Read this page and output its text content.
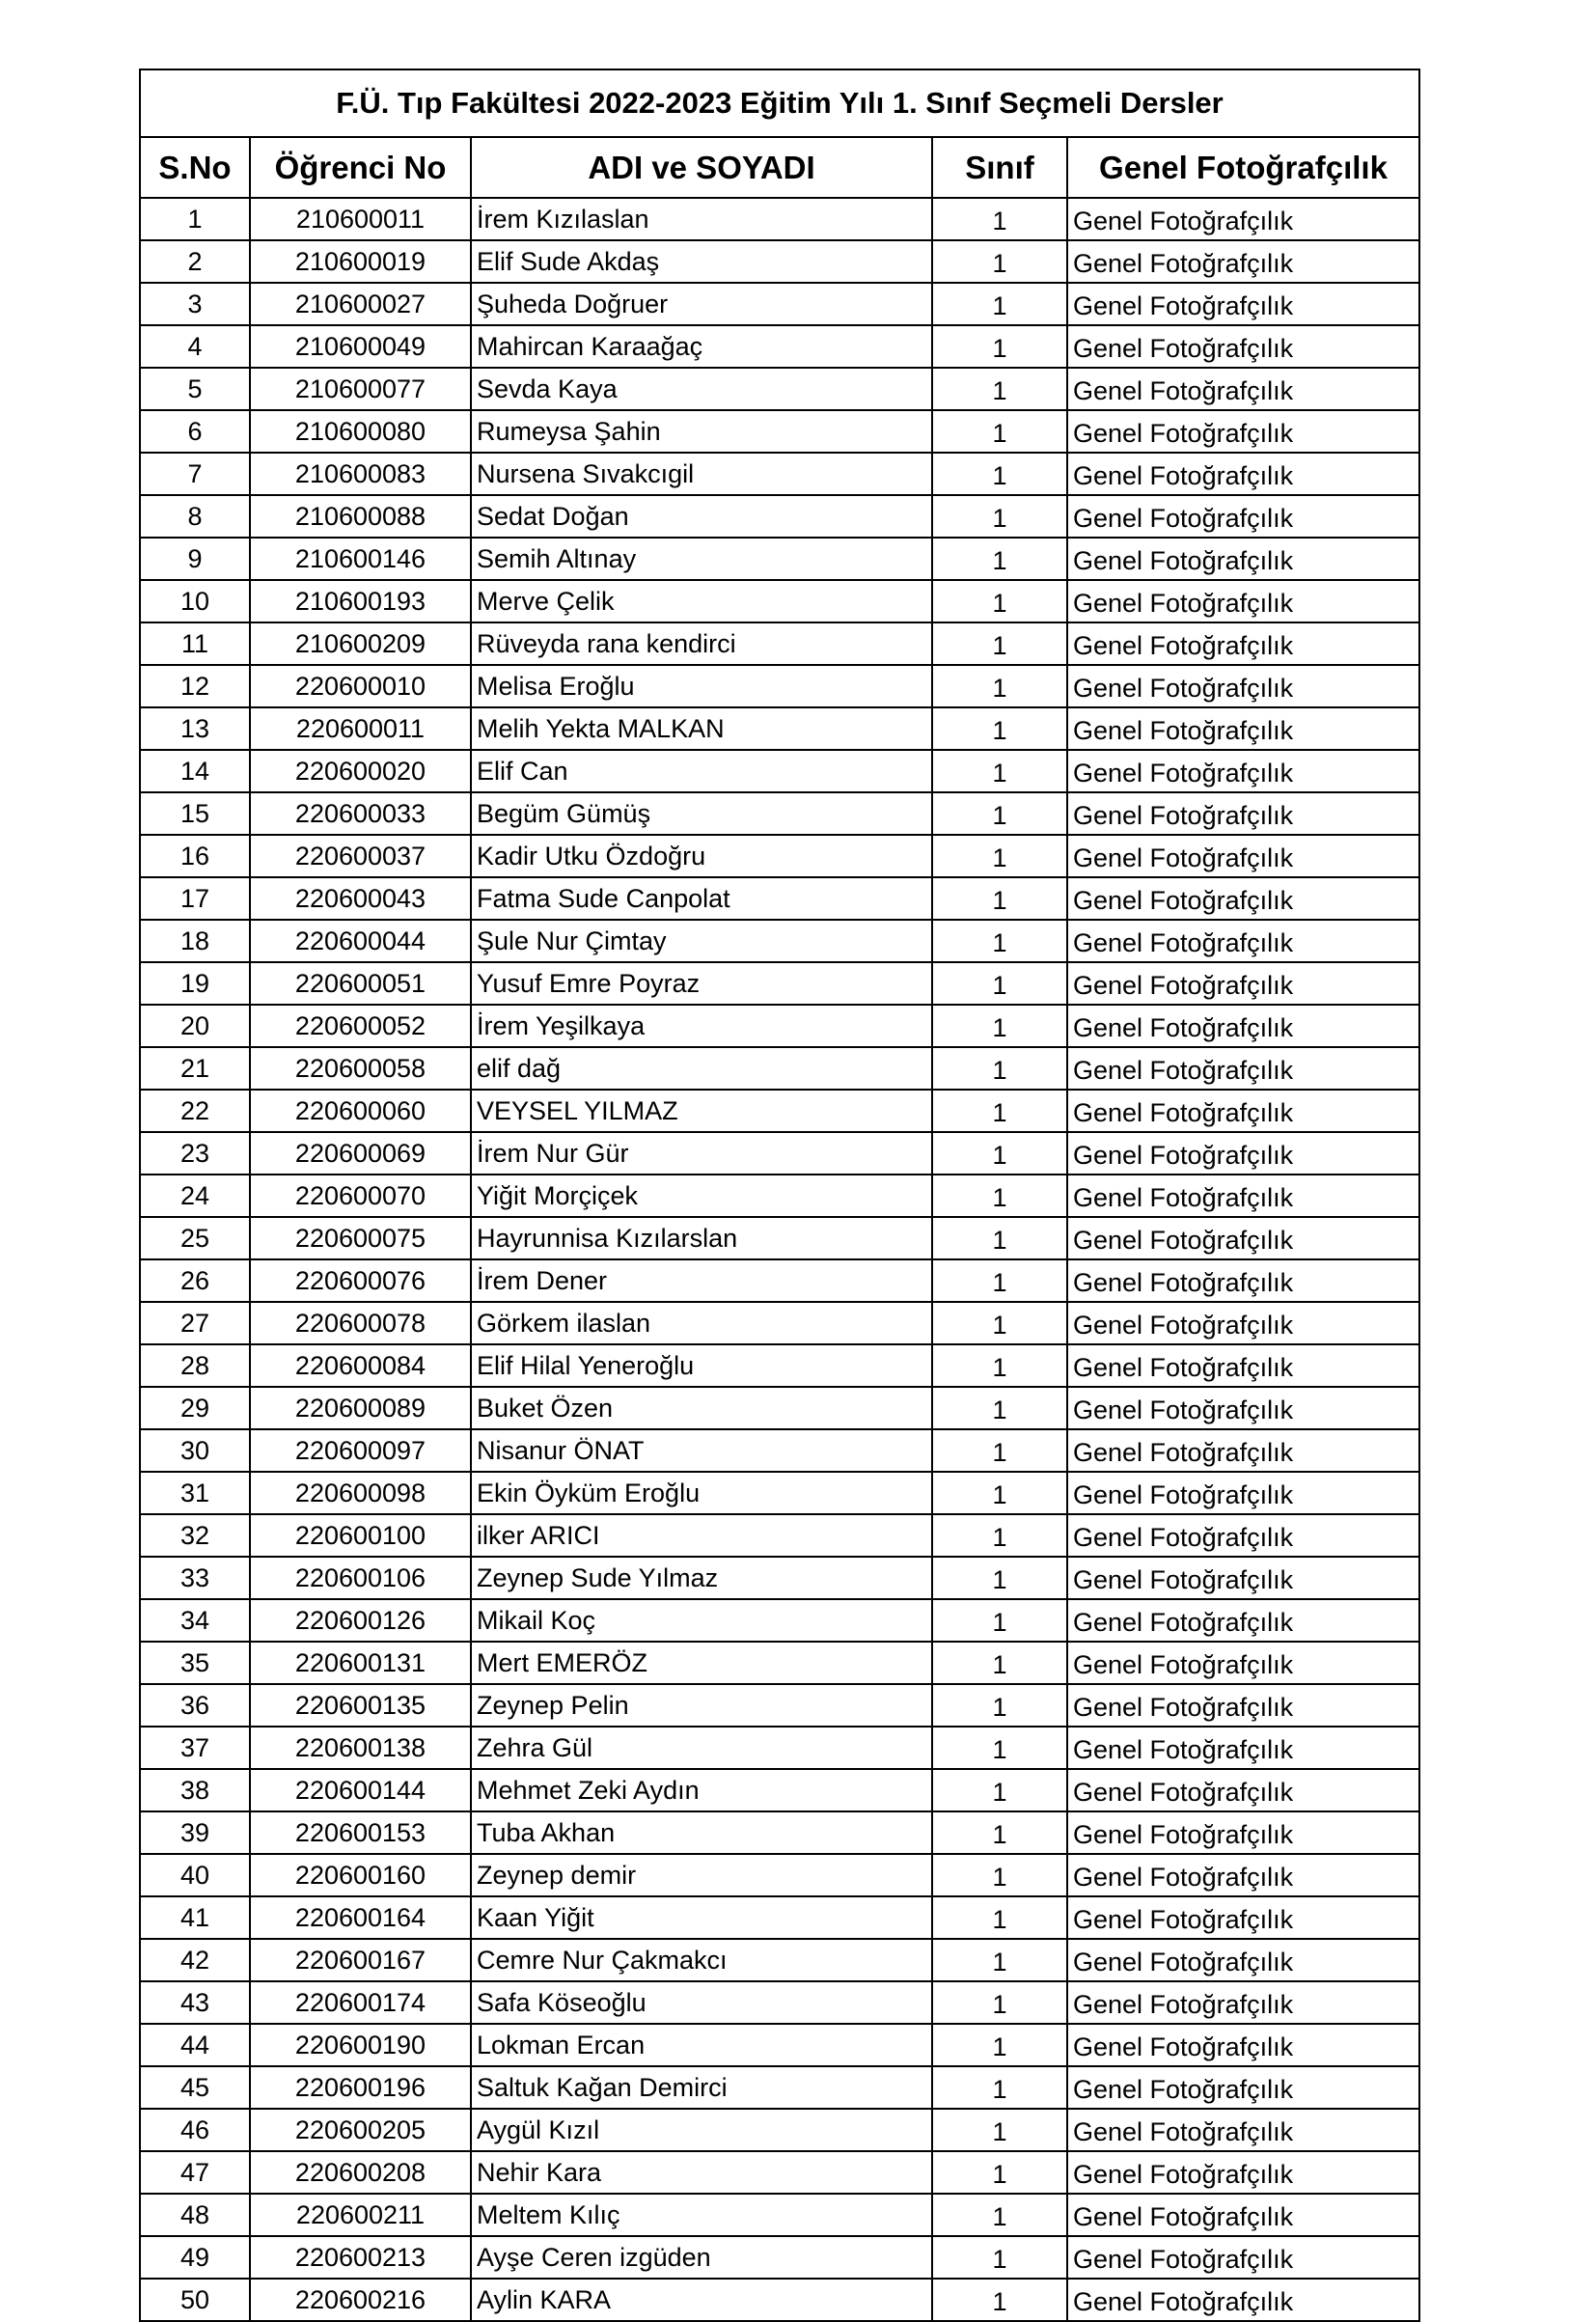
F.Ü. Tıp Fakültesi 2022-2023 Eğitim Yılı 1. Sınıf Seçmeli Dersler				
S.No	Öğrenci No	ADI ve SOYADI	Sınıf	Genel Fotoğrafçılık
1	210600011	İrem Kızılaslan	1	Genel Fotoğrafçılık
2	210600019	Elif Sude Akdaş	1	Genel Fotoğrafçılık
3	210600027	Şuheda Doğruer	1	Genel Fotoğrafçılık
4	210600049	Mahircan Karaağaç	1	Genel Fotoğrafçılık
5	210600077	Sevda Kaya	1	Genel Fotoğrafçılık
6	210600080	Rumeysa Şahin	1	Genel Fotoğrafçılık
7	210600083	Nursena Sıvakcıgil	1	Genel Fotoğrafçılık
8	210600088	Sedat Doğan	1	Genel Fotoğrafçılık
9	210600146	Semih Altınay	1	Genel Fotoğrafçılık
10	210600193	Merve Çelik	1	Genel Fotoğrafçılık
11	210600209	Rüveyda rana kendirci	1	Genel Fotoğrafçılık
12	220600010	Melisa Eroğlu	1	Genel Fotoğrafçılık
13	220600011	Melih Yekta MALKAN	1	Genel Fotoğrafçılık
14	220600020	Elif Can	1	Genel Fotoğrafçılık
15	220600033	Begüm Gümüş	1	Genel Fotoğrafçılık
16	220600037	Kadir Utku Özdoğru	1	Genel Fotoğrafçılık
17	220600043	Fatma Sude Canpolat	1	Genel Fotoğrafçılık
18	220600044	Şule Nur Çimtay	1	Genel Fotoğrafçılık
19	220600051	Yusuf Emre Poyraz	1	Genel Fotoğrafçılık
20	220600052	İrem Yeşilkaya	1	Genel Fotoğrafçılık
21	220600058	elif dağ	1	Genel Fotoğrafçılık
22	220600060	VEYSEL YILMAZ	1	Genel Fotoğrafçılık
23	220600069	İrem Nur Gür	1	Genel Fotoğrafçılık
24	220600070	Yiğit Morçiçek	1	Genel Fotoğrafçılık
25	220600075	Hayrunnisa Kızılarslan	1	Genel Fotoğrafçılık
26	220600076	İrem Dener	1	Genel Fotoğrafçılık
27	220600078	Görkem ilaslan	1	Genel Fotoğrafçılık
28	220600084	Elif Hilal Yeneroğlu	1	Genel Fotoğrafçılık
29	220600089	Buket Özen	1	Genel Fotoğrafçılık
30	220600097	Nisanur ÖNAT	1	Genel Fotoğrafçılık
31	220600098	Ekin Öyküm Eroğlu	1	Genel Fotoğrafçılık
32	220600100	ilker ARICI	1	Genel Fotoğrafçılık
33	220600106	Zeynep Sude Yılmaz	1	Genel Fotoğrafçılık
34	220600126	Mikail Koç	1	Genel Fotoğrafçılık
35	220600131	Mert EMERÖZ	1	Genel Fotoğrafçılık
36	220600135	Zeynep Pelin	1	Genel Fotoğrafçılık
37	220600138	Zehra Gül	1	Genel Fotoğrafçılık
38	220600144	Mehmet Zeki Aydın	1	Genel Fotoğrafçılık
39	220600153	Tuba Akhan	1	Genel Fotoğrafçılık
40	220600160	Zeynep demir	1	Genel Fotoğrafçılık
41	220600164	Kaan Yiğit	1	Genel Fotoğrafçılık
42	220600167	Cemre Nur Çakmakcı	1	Genel Fotoğrafçılık
43	220600174	Safa Köseoğlu	1	Genel Fotoğrafçılık
44	220600190	Lokman Ercan	1	Genel Fotoğrafçılık
45	220600196	Saltuk Kağan Demirci	1	Genel Fotoğrafçılık
46	220600205	Aygül Kızıl	1	Genel Fotoğrafçılık
47	220600208	Nehir Kara	1	Genel Fotoğrafçılık
48	220600211	Meltem Kılıç	1	Genel Fotoğrafçılık
49	220600213	Ayşe Ceren izgüden	1	Genel Fotoğrafçılık
50	220600216	Aylin KARA	1	Genel Fotoğrafçılık
